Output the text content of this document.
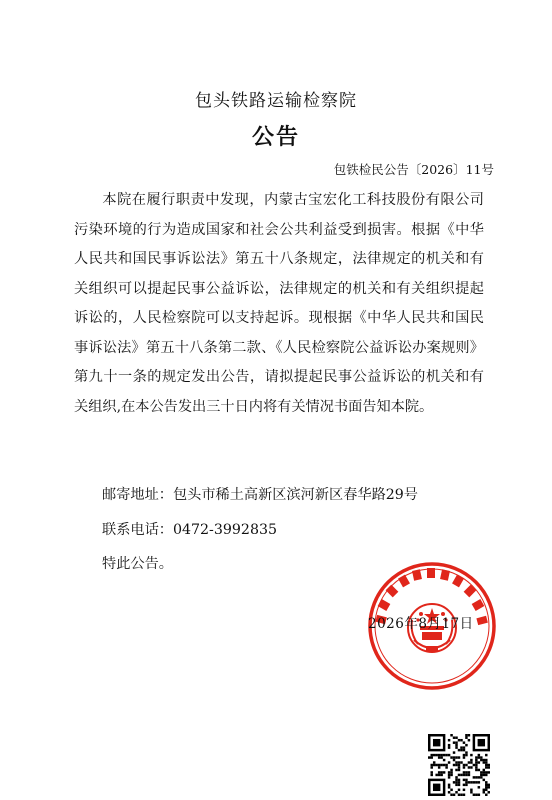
包头铁路运输检察院
公告
包铁检民公告〔2026〕11号
本院在履行职责中发现，内蒙古宝宏化工科技股份有限公司污染环境的行为造成国家和社会公共利益受到损害。根据《中华人民共和国民事诉讼法》第五十八条规定，法律规定的机关和有关组织可以提起民事公益诉讼，法律规定的机关和有关组织提起诉讼的，人民检察院可以支持起诉。现根据《中华人民共和国民事诉讼法》第五十八条第二款、《人民检察院公益诉讼办案规则》第九十一条的规定发出公告，请拟提起民事公益诉讼的机关和有关组织,在本公告发出三十日内将有关情况书面告知本院。
邮寄地址：包头市稀土高新区滨河新区春华路29号
联系电话：0472-3992835
特此公告。
2026年8月17日
